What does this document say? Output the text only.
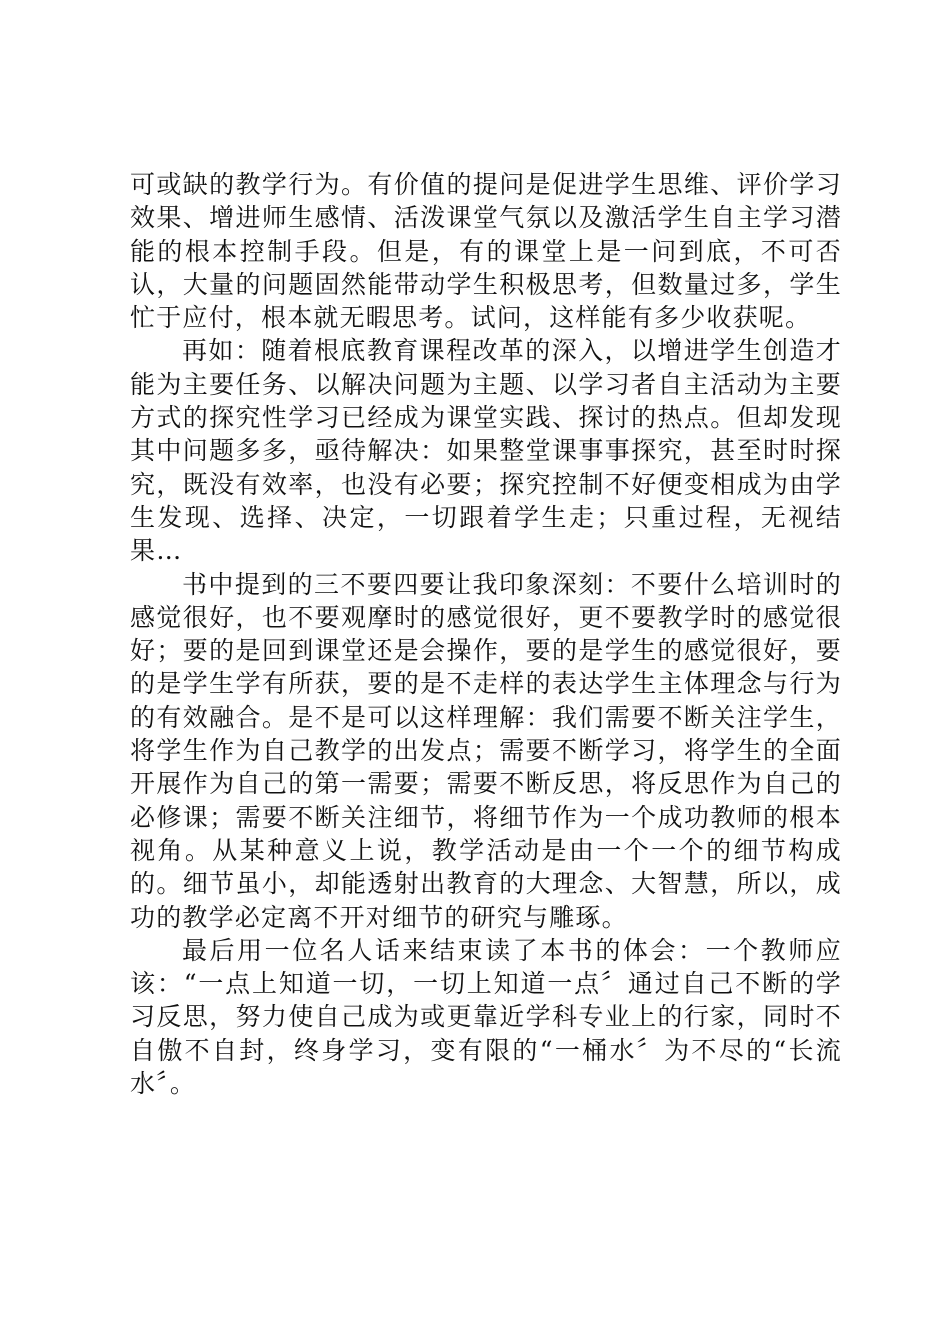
可或缺的教学行为。有价值的提问是促进学生思维、评价学习效果、增进师生感情、活泼课堂气氛以及激活学生自主学习潜能的根本控制手段。但是，有的课堂上是一问到底，不可否认，大量的问题固然能带动学生积极思考，但数量过多，学生忙于应付，根本就无暇思考。试问，这样能有多少收获呢。

再如：随着根底教育课程改革的深入，以增进学生创造才能为主要任务、以解决问题为主题、以学习者自主活动为主要方式的探究性学习已经成为课堂实践、探讨的热点。但却发现其中问题多多，亟待解决：如果整堂课事事探究，甚至时时探究，既没有效率，也没有必要；探究控制不好便变相成为由学生发现、选择、决定，一切跟着学生走；只重过程，无视结果…

书中提到的三不要四要让我印象深刻：不要什么培训时的感觉很好，也不要观摩时的感觉很好，更不要教学时的感觉很好；要的是回到课堂还是会操作，要的是学生的感觉很好，要的是学生学有所获，要的是不走样的表达学生主体理念与行为的有效融合。是不是可以这样理解：我们需要不断关注学生，将学生作为自己教学的出发点；需要不断学习，将学生的全面开展作为自己的第一需要；需要不断反思，将反思作为自己的必修课；需要不断关注细节，将细节作为一个成功教师的根本视角。从某种意义上说，教学活动是由一个一个的细节构成的。细节虽小，却能透射出教育的大理念、大智慧，所以，成功的教学必定离不开对细节的研究与雕琢。

最后用一位名人话来结束读了本书的体会：一个教师应该：“一点上知道一切，一切上知道一点〞通过自己不断的学习反思，努力使自己成为或更靠近学科专业上的行家，同时不自傲不自封，终身学习，变有限的“一桶水〞为不尽的“长流水〞。
